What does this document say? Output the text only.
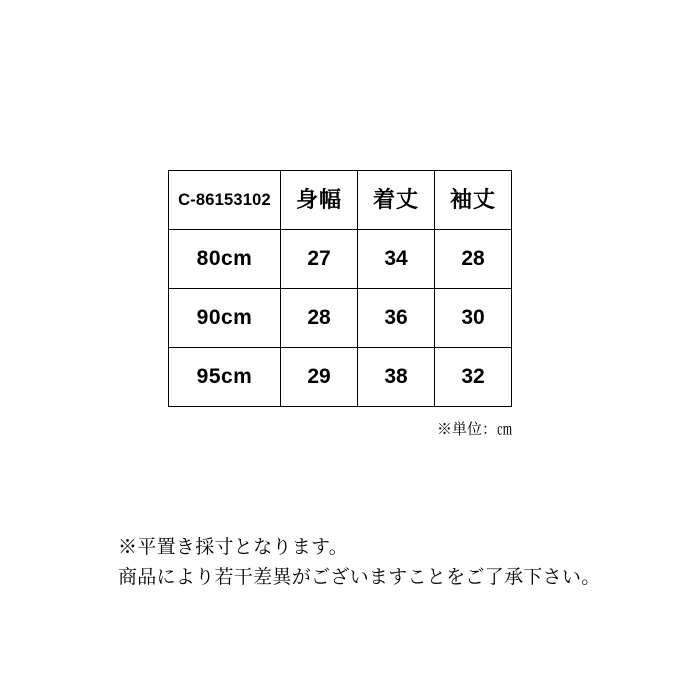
C-86153102	身幅	着丈	袖丈
80cm	27	34	28
90cm	28	36	30
95cm	29	38	32
※単位：㎝
※平置き採寸となります。
商品により若干差異がございますことをご了承下さい。
